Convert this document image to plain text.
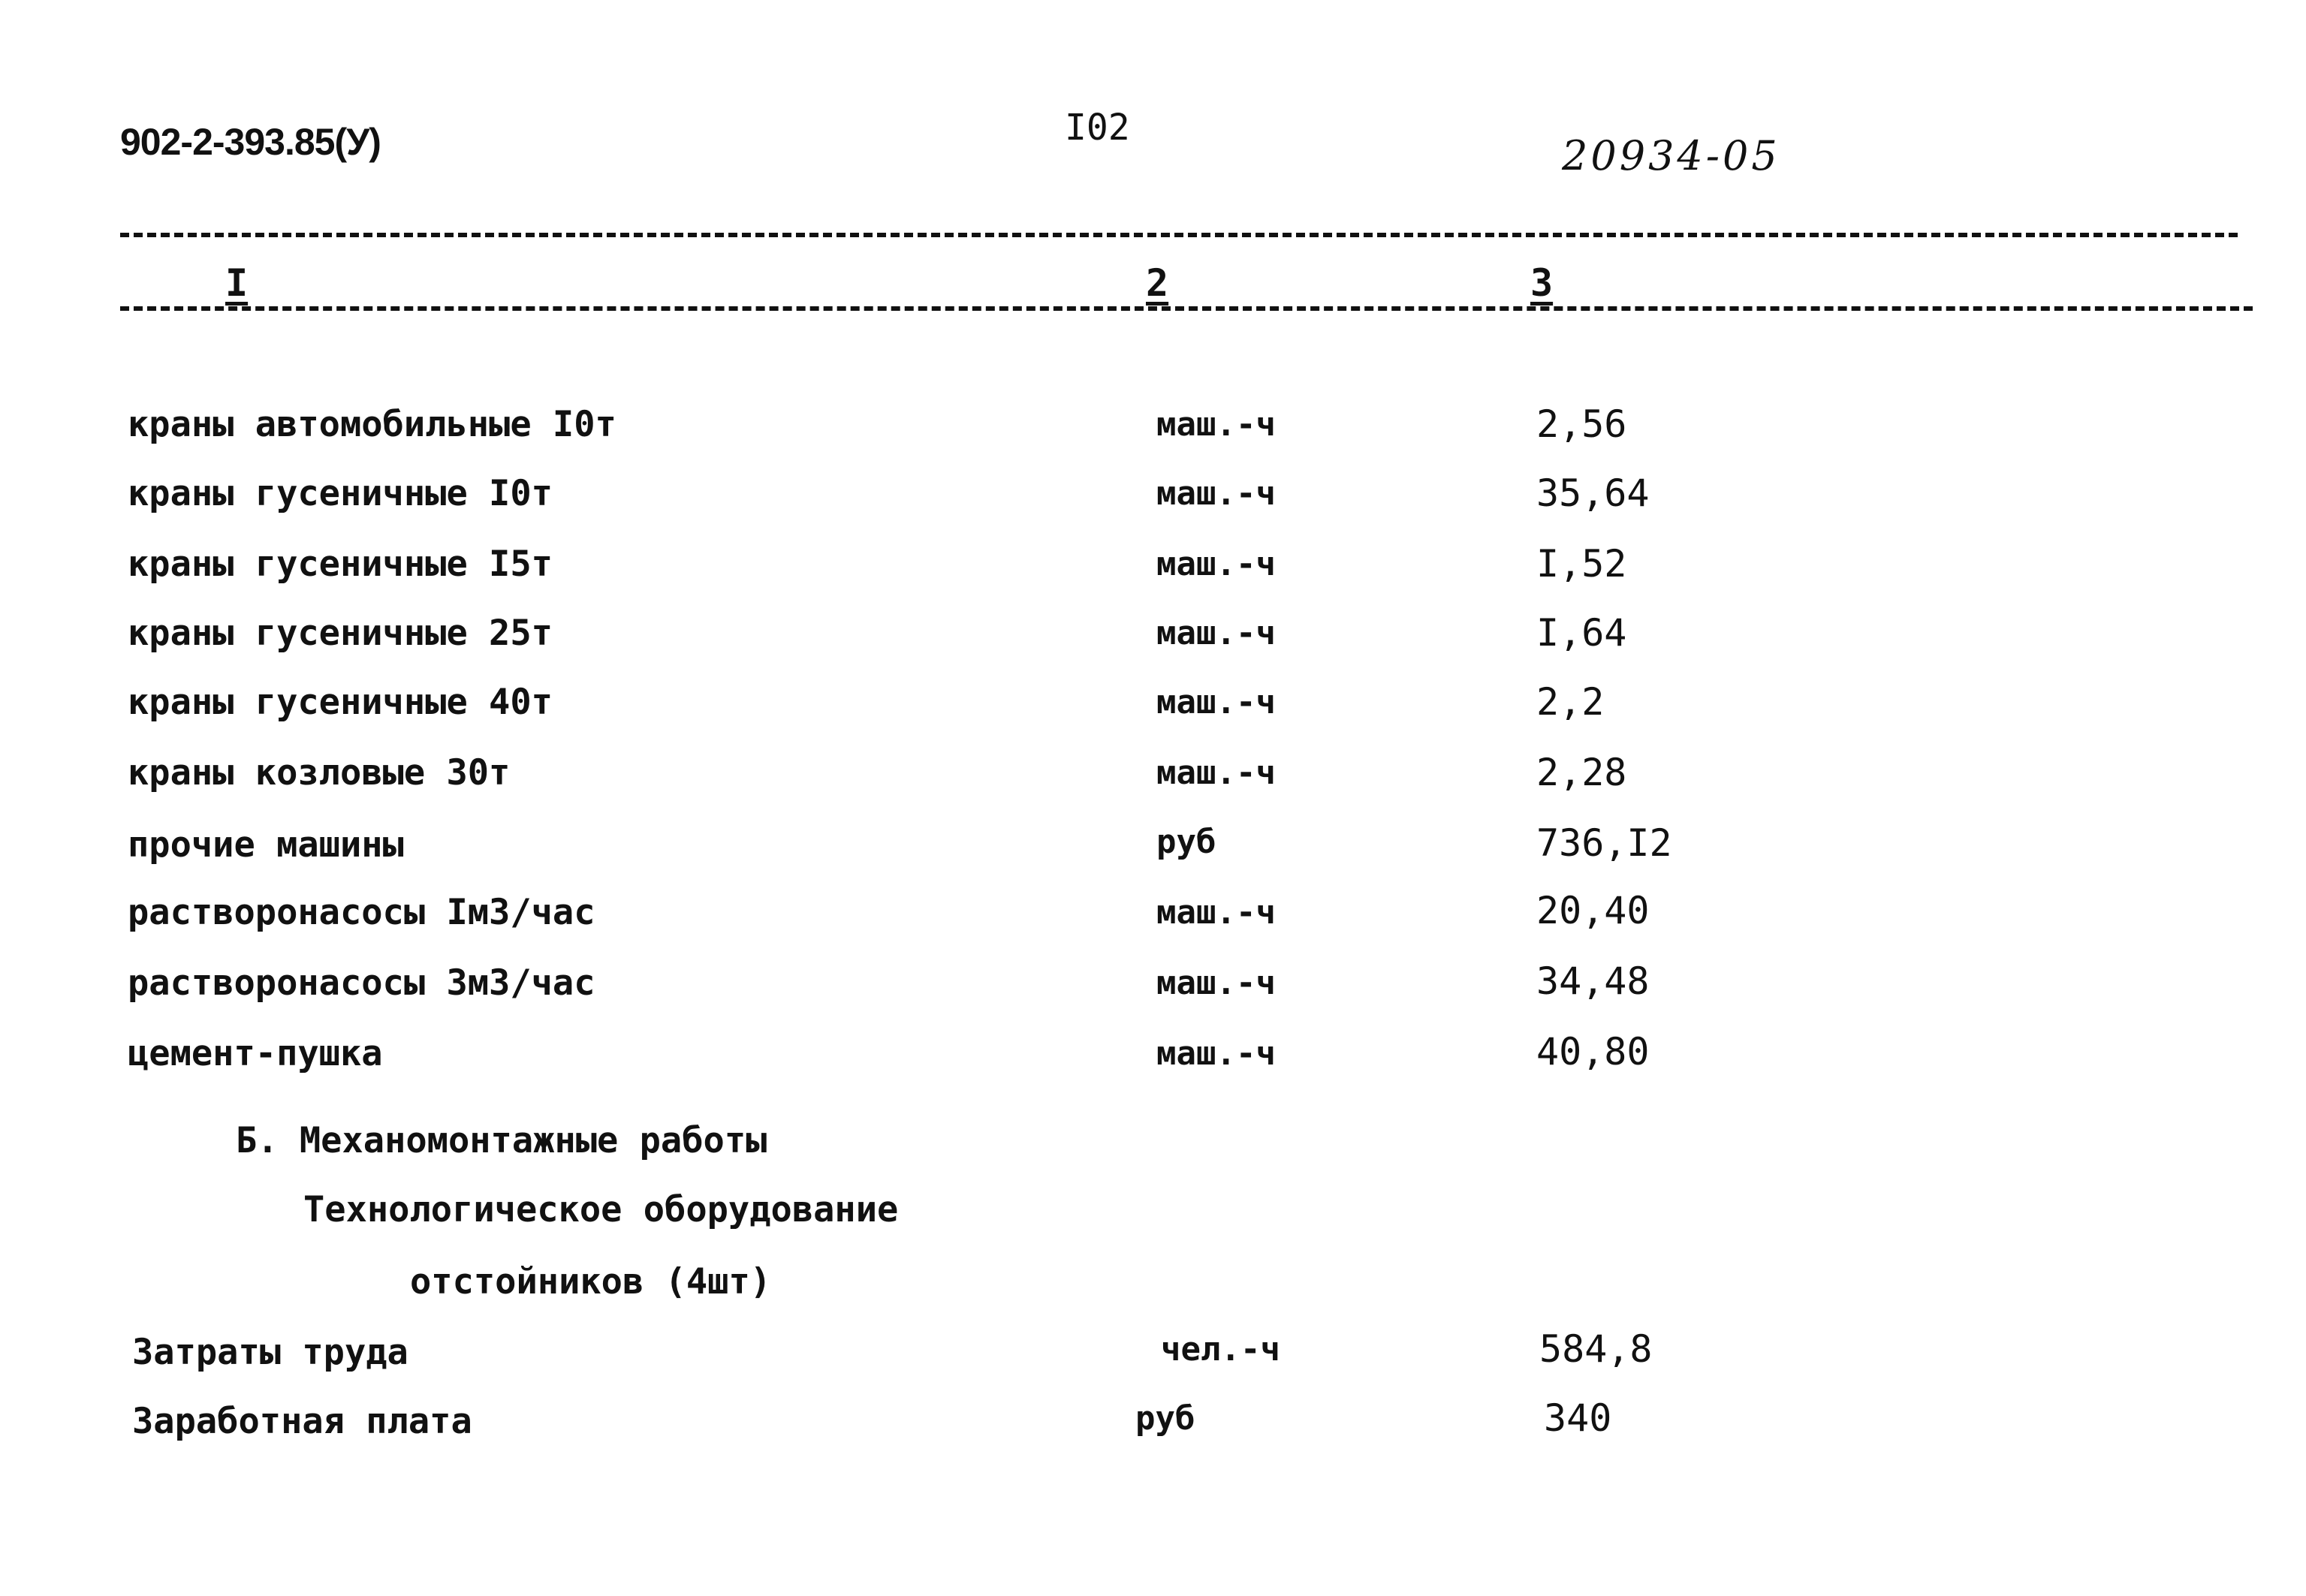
902-2-393.85(У)	I02
20934-05
I	2	3
краны автомобильные I0т	маш.-ч	2,56
краны гусеничные I0т	маш.-ч	35,64
краны гусеничные I5т	маш.-ч	I,52
краны гусеничные 25т	маш.-ч	I,64
краны гусеничные 40т	маш.-ч	2,2
краны козловые 30т	маш.-ч	2,28
прочие машины	руб	736,I2
растворонасосы IмЗ/час	маш.-ч	20,40
растворонасосы 3мЗ/час	маш.-ч	34,48
цемент-пушка	маш.-ч	40,80
Б. Механомонтажные работы
Технологическое оборудование
отстойников (4шт)
Затраты труда	чел.-ч	584,8
Заработная плата	руб	340
